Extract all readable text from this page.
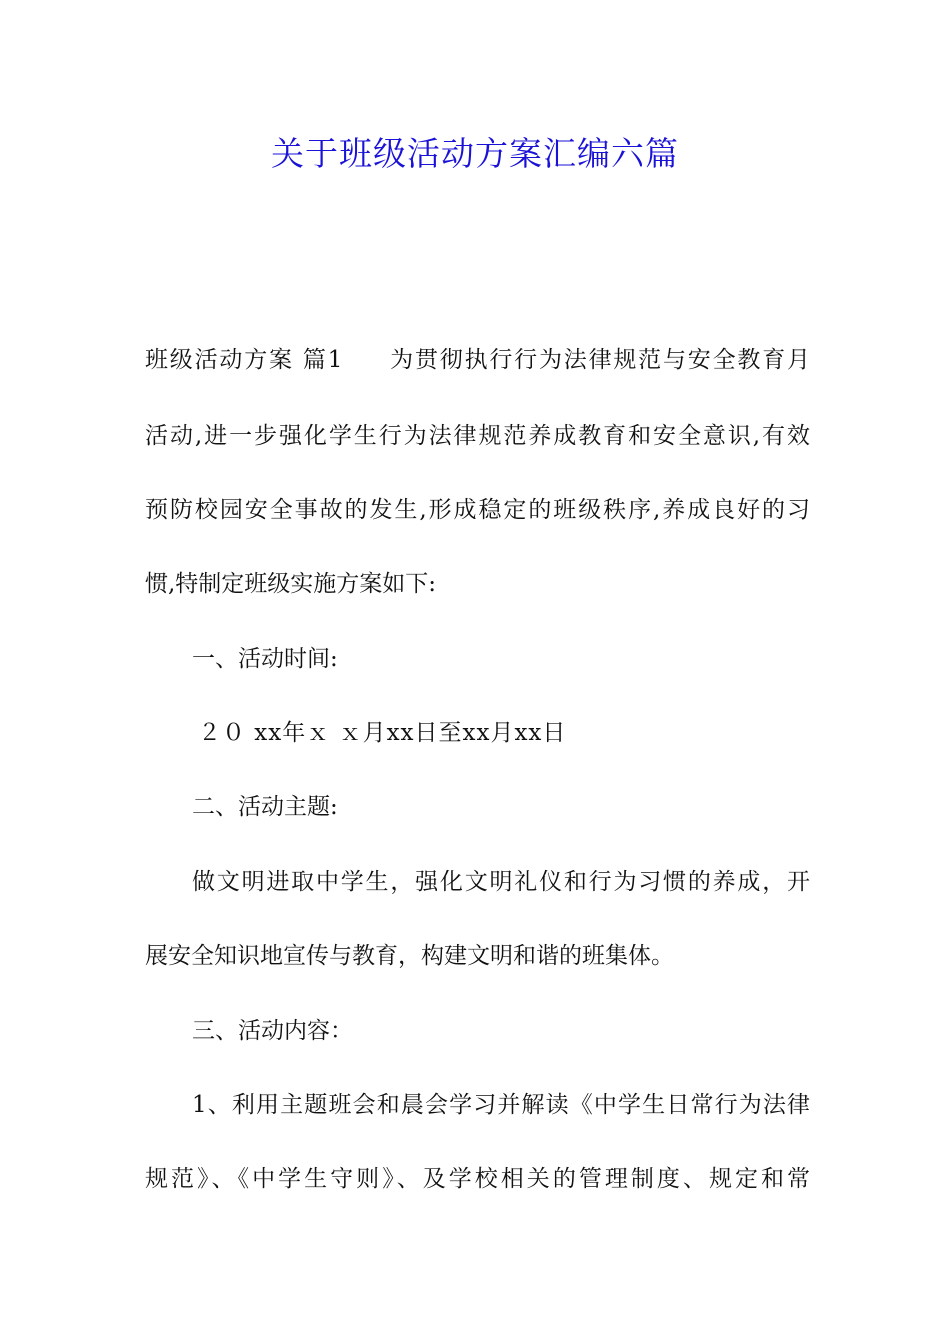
关于班级活动方案汇编六篇
班级活动方案 篇1 为贯彻执行行为法律规范与安全教育月
活动,进一步强化学生行为法律规范养成教育和安全意识,有效
预防校园安全事故的发生,形成稳定的班级秩序,养成良好的习
惯,特制定班级实施方案如下:
一、活动时间:
２０ xx年ｘ ｘ月xx日至xx月xx日
二、活动主题:
做文明进取中学生，强化文明礼仪和行为习惯的养成，开
展安全知识地宣传与教育，构建文明和谐的班集体。
三、活动内容：
1、利用主题班会和晨会学习并解读《中学生日常行为法律
规范》、《中学生守则》、及学校相关的管理制度、规定和常
